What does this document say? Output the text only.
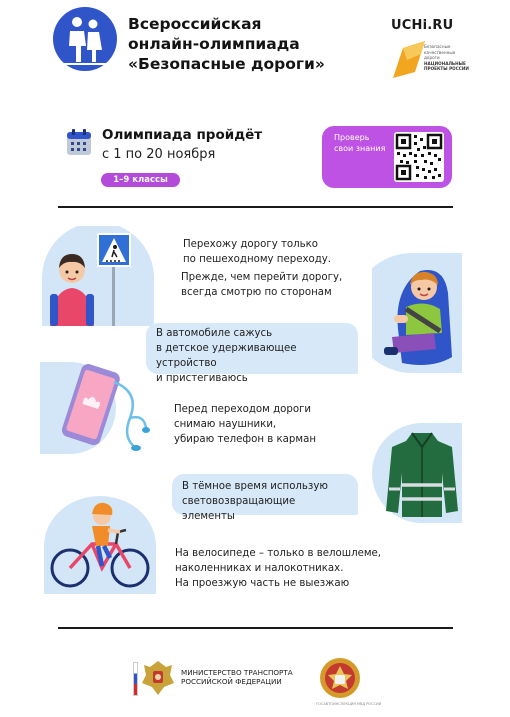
Всероссийская
онлайн-олимпиада
«Безопасные дороги»
UCHi.RU
Безопасные качественные дороги
НАЦИОНАЛЬНЫЕ ПРОЕКТЫ РОССИИ
Олимпиада пройдёт
с 1 по 20 ноября
1–9 классы
Проверь
свои знания
Перехожу дорогу только
по пешеходному переходу.
Прежде, чем перейти дорогу,
всегда смотрю по сторонам
В автомобиле сажусь
в детское удерживающее устройство
и пристегиваюсь
Перед переходом дороги
снимаю наушники,
убираю телефон в карман
В тёмное время использую
световозвращающие элементы
На велосипеде – только в велошлеме,
наколенниках и налокотниках.
На проезжую часть не выезжаю
МИНИСТЕРСТВО ТРАНСПОРТА
РОССИЙСКОЙ ФЕДЕРАЦИИ
ГОСАВТОИНСПЕКЦИЯ МВД РОССИИ
